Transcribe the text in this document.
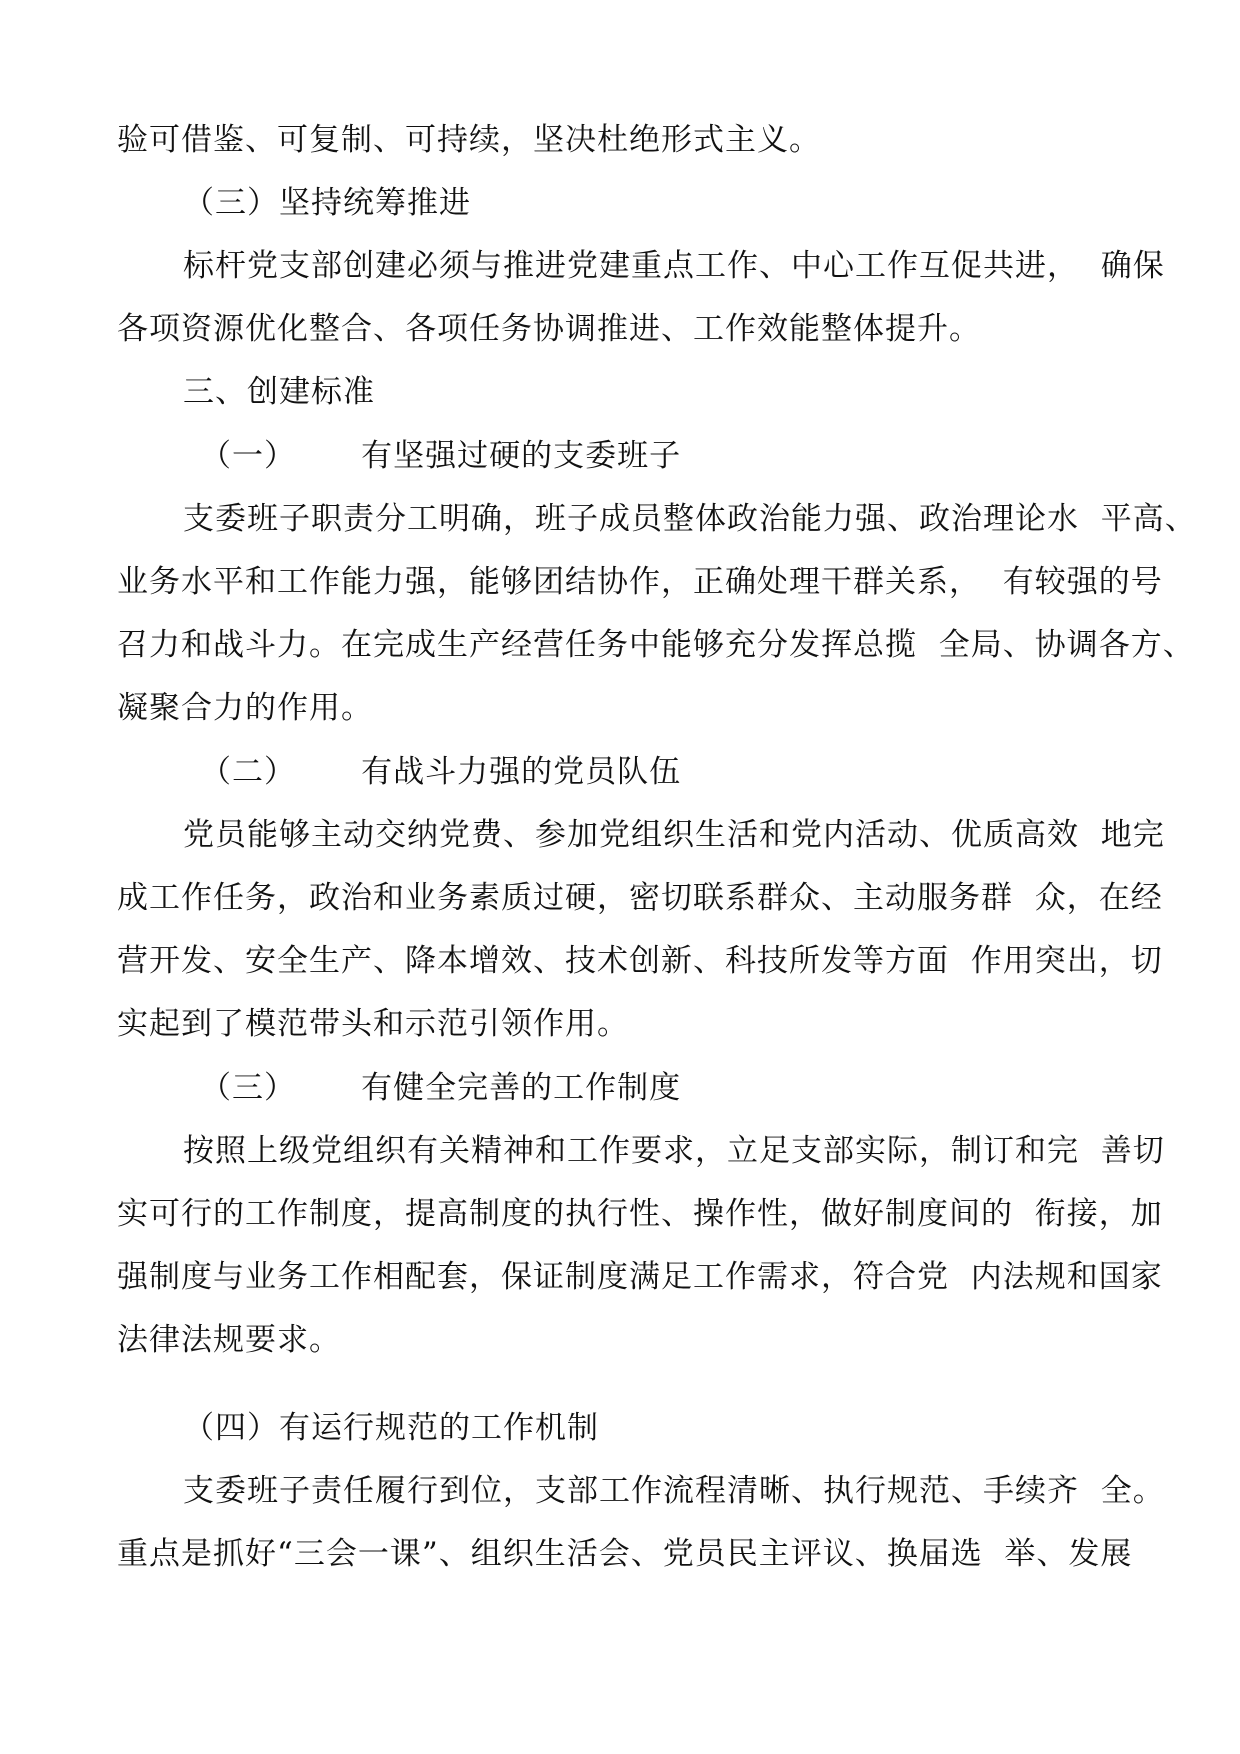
验可借鉴、可复制、可持续，坚决杜绝形式主义。
（三）坚持统筹推进
标杆党支部创建必须与推进党建重点工作、中心工作互促共进，  确保
各项资源优化整合、各项任务协调推进、工作效能整体提升。
三、创建标准
（一）      有坚强过硬的支委班子
支委班子职责分工明确，班子成员整体政治能力强、政治理论水  平高、
业务水平和工作能力强，能够团结协作，正确处理干群关系，  有较强的号
召力和战斗力。在完成生产经营任务中能够充分发挥总揽  全局、协调各方、
凝聚合力的作用。
（二）      有战斗力强的党员队伍
党员能够主动交纳党费、参加党组织生活和党内活动、优质高效  地完
成工作任务，政治和业务素质过硬，密切联系群众、主动服务群  众，在经
营开发、安全生产、降本增效、技术创新、科技所发等方面  作用突出，切
实起到了模范带头和示范引领作用。
（三）      有健全完善的工作制度
按照上级党组织有关精神和工作要求，立足支部实际，制订和完  善切
实可行的工作制度，提高制度的执行性、操作性，做好制度间的  衔接，加
强制度与业务工作相配套，保证制度满足工作需求，符合党  内法规和国家
法律法规要求。
（四）有运行规范的工作机制
支委班子责任履行到位，支部工作流程清晰、执行规范、手续齐  全。
重点是抓好“三会一课”、组织生活会、党员民主评议、换届选  举、发展
